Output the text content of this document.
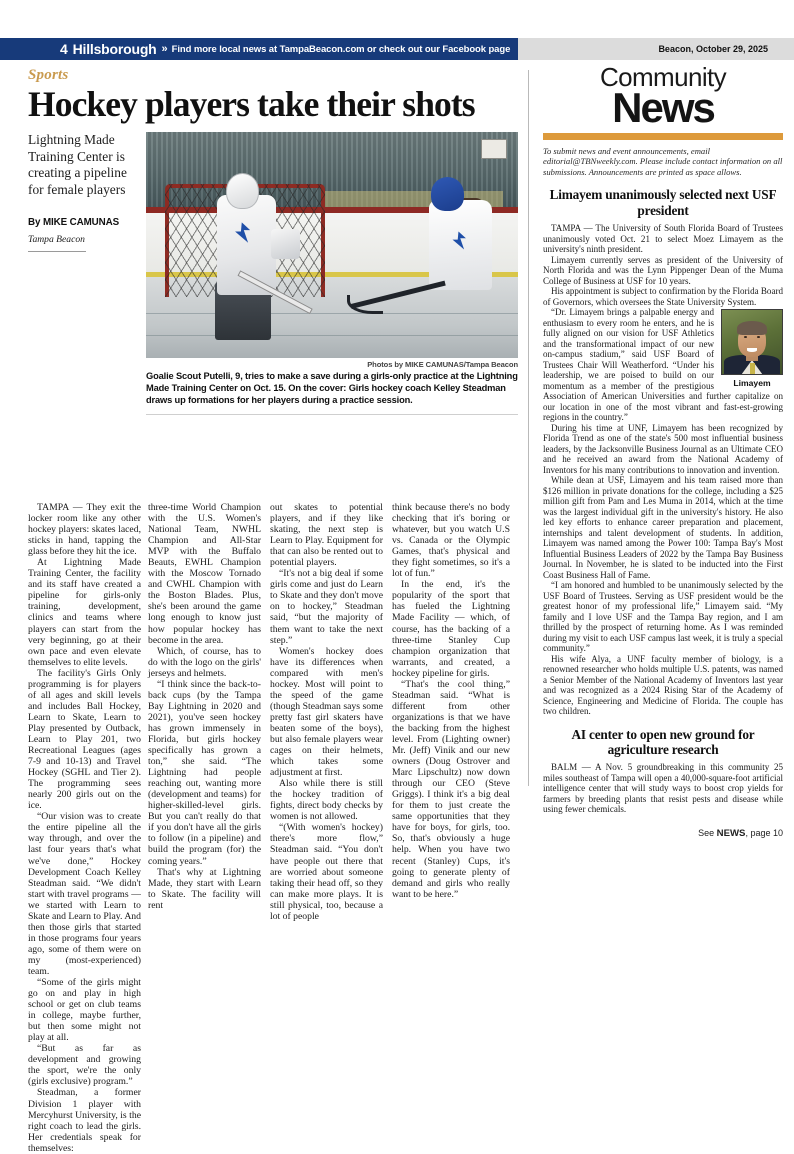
4 Hillsborough » Find more local news at TampaBeacon.com or check out our Facebook page	Beacon, October 29, 2025
Sports
Hockey players take their shots
Lightning Made Training Center is creating a pipeline for female players
By MIKE CAMUNAS
Tampa Beacon
Photos by MIKE CAMUNAS/Tampa Beacon
Goalie Scout Putelli, 9, tries to make a save during a girls-only practice at the Lightning Made Training Center on Oct. 15. On the cover: Girls hockey coach Kelley Steadman draws up formations for her players during a practice session.

TAMPA — They exit the locker room like any other hockey players: skates laced, sticks in hand, tapping the glass before they hit the ice.

At Lightning Made Training Center, the facility and its staff have created a pipeline for girls-only training, development, clinics and teams where players can start from the very beginning, go at their own pace and even elevate themselves to elite levels.

The facility's Girls Only programming is for players of all ages and skill levels and includes Ball Hockey, Learn to Skate, Learn to Play presented by Outback, Learn to Play 201, two Recreational Leagues (ages 7-9 and 10-13) and Travel Hockey (SGHL and Tier 2). The programming sees nearly 200 girls out on the ice.

“Our vision was to create the entire pipeline all the way through, and over the last four years that's what we've done,” Hockey Development Coach Kelley Steadman said. “We didn't start with travel programs — we started with Learn to Skate and Learn to Play. And then those girls that started in those programs four years ago, some of them were on my (most-experienced) team.

“Some of the girls might go on and play in high school or get on club teams in college, maybe further, but then some might not play at all.

“But as far as development and growing the sport, we're the only (girls exclusive) program.”

Steadman, a former Division 1 player with Mercyhurst University, is the right coach to lead the girls. Her credentials speak for themselves:

three-time World Champion with the U.S. Women's National Team, NWHL Champion and All-Star MVP with the Buffalo Beauts, EWHL Champion with the Moscow Tornado and CWHL Champion with the Boston Blades. Plus, she's been around the game long enough to know just how popular hockey has become in the area.

Which, of course, has to do with the logo on the girls' jerseys and helmets.

“I think since the back-to-back cups (by the Tampa Bay Lightning in 2020 and 2021), you've seen hockey has grown immensely in Florida, but girls hockey specifically has grown a ton,” she said. “The Lightning had people reaching out, wanting more (development and teams) for higher-skilled-level girls. But you can't really do that if you don't have all the girls to follow (in a pipeline) and build the program (for) the coming years.”

That's why at Lightning Made, they start with Learn to Skate. The facility will rent

out skates to potential players, and if they like skating, the next step is Learn to Play. Equipment for that can also be rented out to potential players.

“It's not a big deal if some girls come and just do Learn to Skate and they don't move on to hockey,” Steadman said, “but the majority of them want to take the next step.”

Women's hockey does have its differences when compared with men's hockey. Most will point to the speed of the game (though Steadman says some pretty fast girl skaters have beaten some of the boys), but also female players wear cages on their helmets, which takes some adjustment at first.

Also while there is still the hockey tradition of fights, direct body checks by women is not allowed.

“(With women's hockey) there's more flow,” Steadman said. “You don't have people out there that are worried about someone taking their head off, so they can make more plays. It is still physical, too, because a lot of people

think because there's no body checking that it's boring or whatever, but you watch U.S vs. Canada or the Olympic Games, that's physical and they fight sometimes, so it's a lot of fun.”

In the end, it's the popularity of the sport that has fueled the Lightning Made Facility — which, of course, has the backing of a three-time Stanley Cup champion organization that warrants, and created, a hockey pipeline for girls.

“That's the cool thing,” Steadman said. “What is different from other organizations is that we have the backing from the highest level. From (Lighting owner) Mr. (Jeff) Vinik and our new owners (Doug Ostrover and Marc Lipschultz) now down through our CEO (Steve Griggs). I think it's a big deal for them to just create the same opportunities that they have for boys, for girls, too. So, that's obviously a huge help. When you have two recent (Stanley) Cups, it's going to generate plenty of demand and girls who really want to be here.”

Community
News
To submit news and event announcements, email editorial@TBNweekly.com. Please include contact information on all submissions. Announcements are printed as space allows.
Limayem unanimously selected next USF president

TAMPA — The University of South Florida Board of Trustees unanimously voted Oct. 21 to select Moez Limayem as the university's ninth president.

Limayem currently serves as president of the University of North Florida and was the Lynn Pippenger Dean of the Muma College of Business at USF for 10 years.

His appointment is subject to confirmation by the Florida Board of Governors, which oversees the State University System.

Limayem

“Dr. Limayem brings a palpable energy and enthusiasm to every room he enters, and he is fully aligned on our vision for USF Athletics and the transformational impact of our new on-campus stadium,” said USF Board of Trustees Chair Will Weatherford. “Under his leadership, we are poised to build on our momentum as a member of the prestigious Association of American Universities and further capitalize on our location in one of the most vibrant and fast-est-growing regions in the country.”

During his time at UNF, Limayem has been recognized by Florida Trend as one of the state's 500 most influential business leaders, by the Jacksonville Business Journal as an Ultimate CEO and he received an award from the National Academy of Inventors for his many contributions to innovation and invention.

While dean at USF, Limayem and his team raised more than $126 million in private donations for the college, including a $25 million gift from Pam and Les Muma in 2014, which at the time was the largest individual gift in the university's history. He also led key efforts to enhance career preparation and placement, internships and talent development of students. In addition, Limayem was named among the Power 100: Tampa Bay's Most Influential Business Leaders of 2022 by the Tampa Bay Business Journal. In November, he is slated to be inducted into the First Coast Business Hall of Fame.

“I am honored and humbled to be unanimously selected by the USF Board of Trustees. Serving as USF president would be the greatest honor of my professional life,” Limayem said. “My family and I love USF and the Tampa Bay region, and I am thrilled by the prospect of returning home. As I was reminded during my visit to each USF campus last week, it is truly a special community.”

His wife Alya, a UNF faculty member of biology, is a renowned researcher who holds multiple U.S. patents, was named a Senior Member of the National Academy of Inventors last year and was recognized as a 2024 Rising Star of the Academy of Science, Engineering and Medicine of Florida. The couple has two children.

AI center to open new ground for agriculture research

BALM — A Nov. 5 groundbreaking in this community 25 miles southeast of Tampa will open a 40,000-square-foot artificial intelligence center that will study ways to boost crop yields for farmers by breeding plants that resist pests and disease while using fewer chemicals.

See NEWS, page 10
